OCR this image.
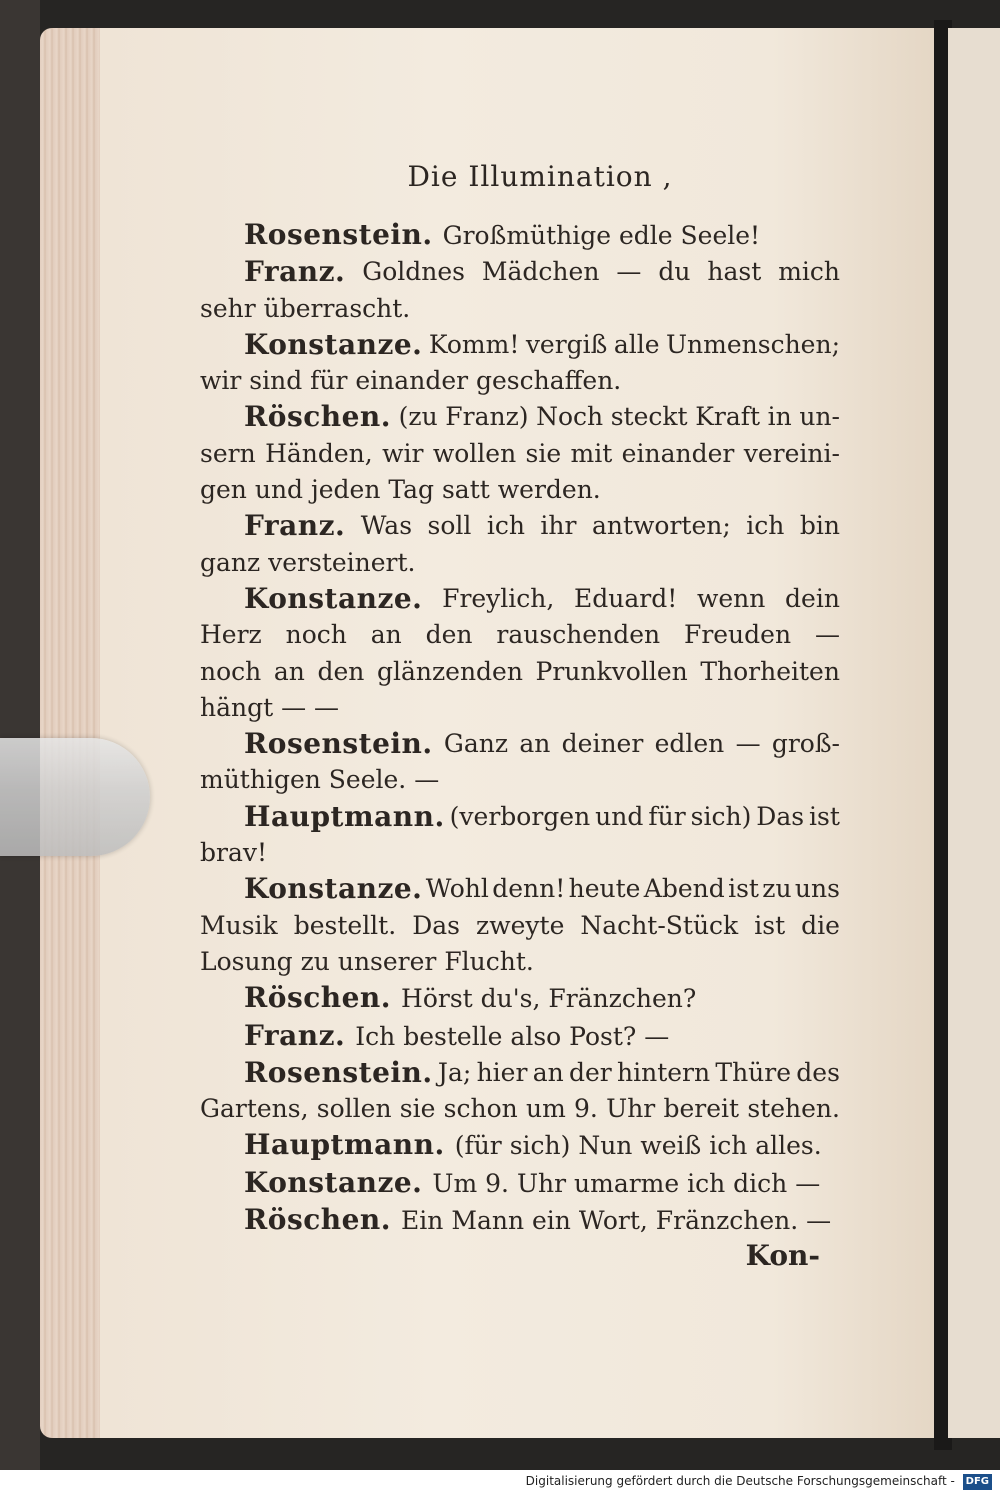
Die Illumination ,
Rosenstein. Großmüthige edle Seele!
Franz. Goldnes Mädchen — du hast mich
sehr überrascht.
Konstanze. Komm! vergiß alle Unmenschen;
wir sind für einander geschaffen.
Röschen. (zu Franz) Noch steckt Kraft in un-
sern Händen, wir wollen sie mit einander vereini-
gen und jeden Tag satt werden.
Franz. Was soll ich ihr antworten; ich bin
ganz versteinert.
Konstanze. Freylich, Eduard! wenn dein
Herz noch an den rauschenden Freuden —
noch an den glänzenden Prunkvollen Thorheiten
hängt — —
Rosenstein. Ganz an deiner edlen — groß-
müthigen Seele. —
Hauptmann. (verborgen und für sich) Das ist
brav!
Konstanze. Wohl denn! heute Abend ist zu uns
Musik bestellt. Das zweyte Nacht-Stück ist die
Losung zu unserer Flucht.
Röschen. Hörst du's, Fränzchen?
Franz. Ich bestelle also Post? —
Rosenstein. Ja; hier an der hintern Thüre des
Gartens, sollen sie schon um 9. Uhr bereit stehen.
Hauptmann. (für sich) Nun weiß ich alles.
Konstanze. Um 9. Uhr umarme ich dich —
Röschen. Ein Mann ein Wort, Fränzchen. —
Kon-
Digitalisierung gefördert durch die Deutsche Forschungsgemeinschaft - DFG
